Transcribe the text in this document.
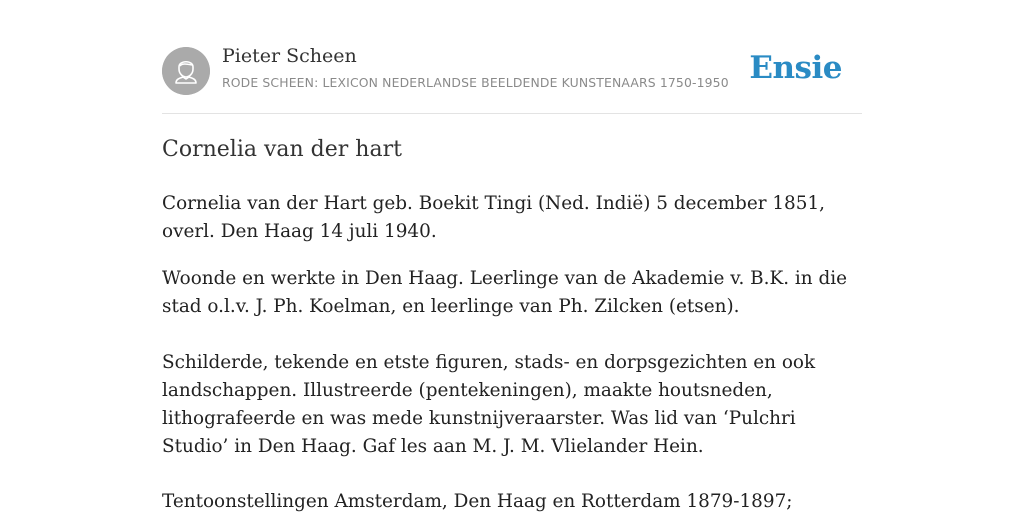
Pieter Scheen
RODE SCHEEN: LEXICON NEDERLANDSE BEELDENDE KUNSTENAARS 1750-1950 Ensie
Cornelia van der hart

Cornelia van der Hart geb. Boekit Tingi (Ned. Indië) 5 december 1851, overl. Den Haag 14 juli 1940.

Woonde en werkte in Den Haag. Leerlinge van de Akademie v. B.K. in die stad o.l.v. J. Ph. Koelman, en leerlinge van Ph. Zilcken (etsen).

Schilderde, tekende en etste figuren, stads- en dorpsgezichten en ook landschappen. Illustreerde (pentekeningen), maakte houtsneden, lithografeerde en was mede kunstnijveraarster. Was lid van ‘Pulchri Studio’ in Den Haag. Gaf les aan M. J. M. Vlielander Hein.

Tentoonstellingen Amsterdam, Den Haag en Rotterdam 1879-1897;
